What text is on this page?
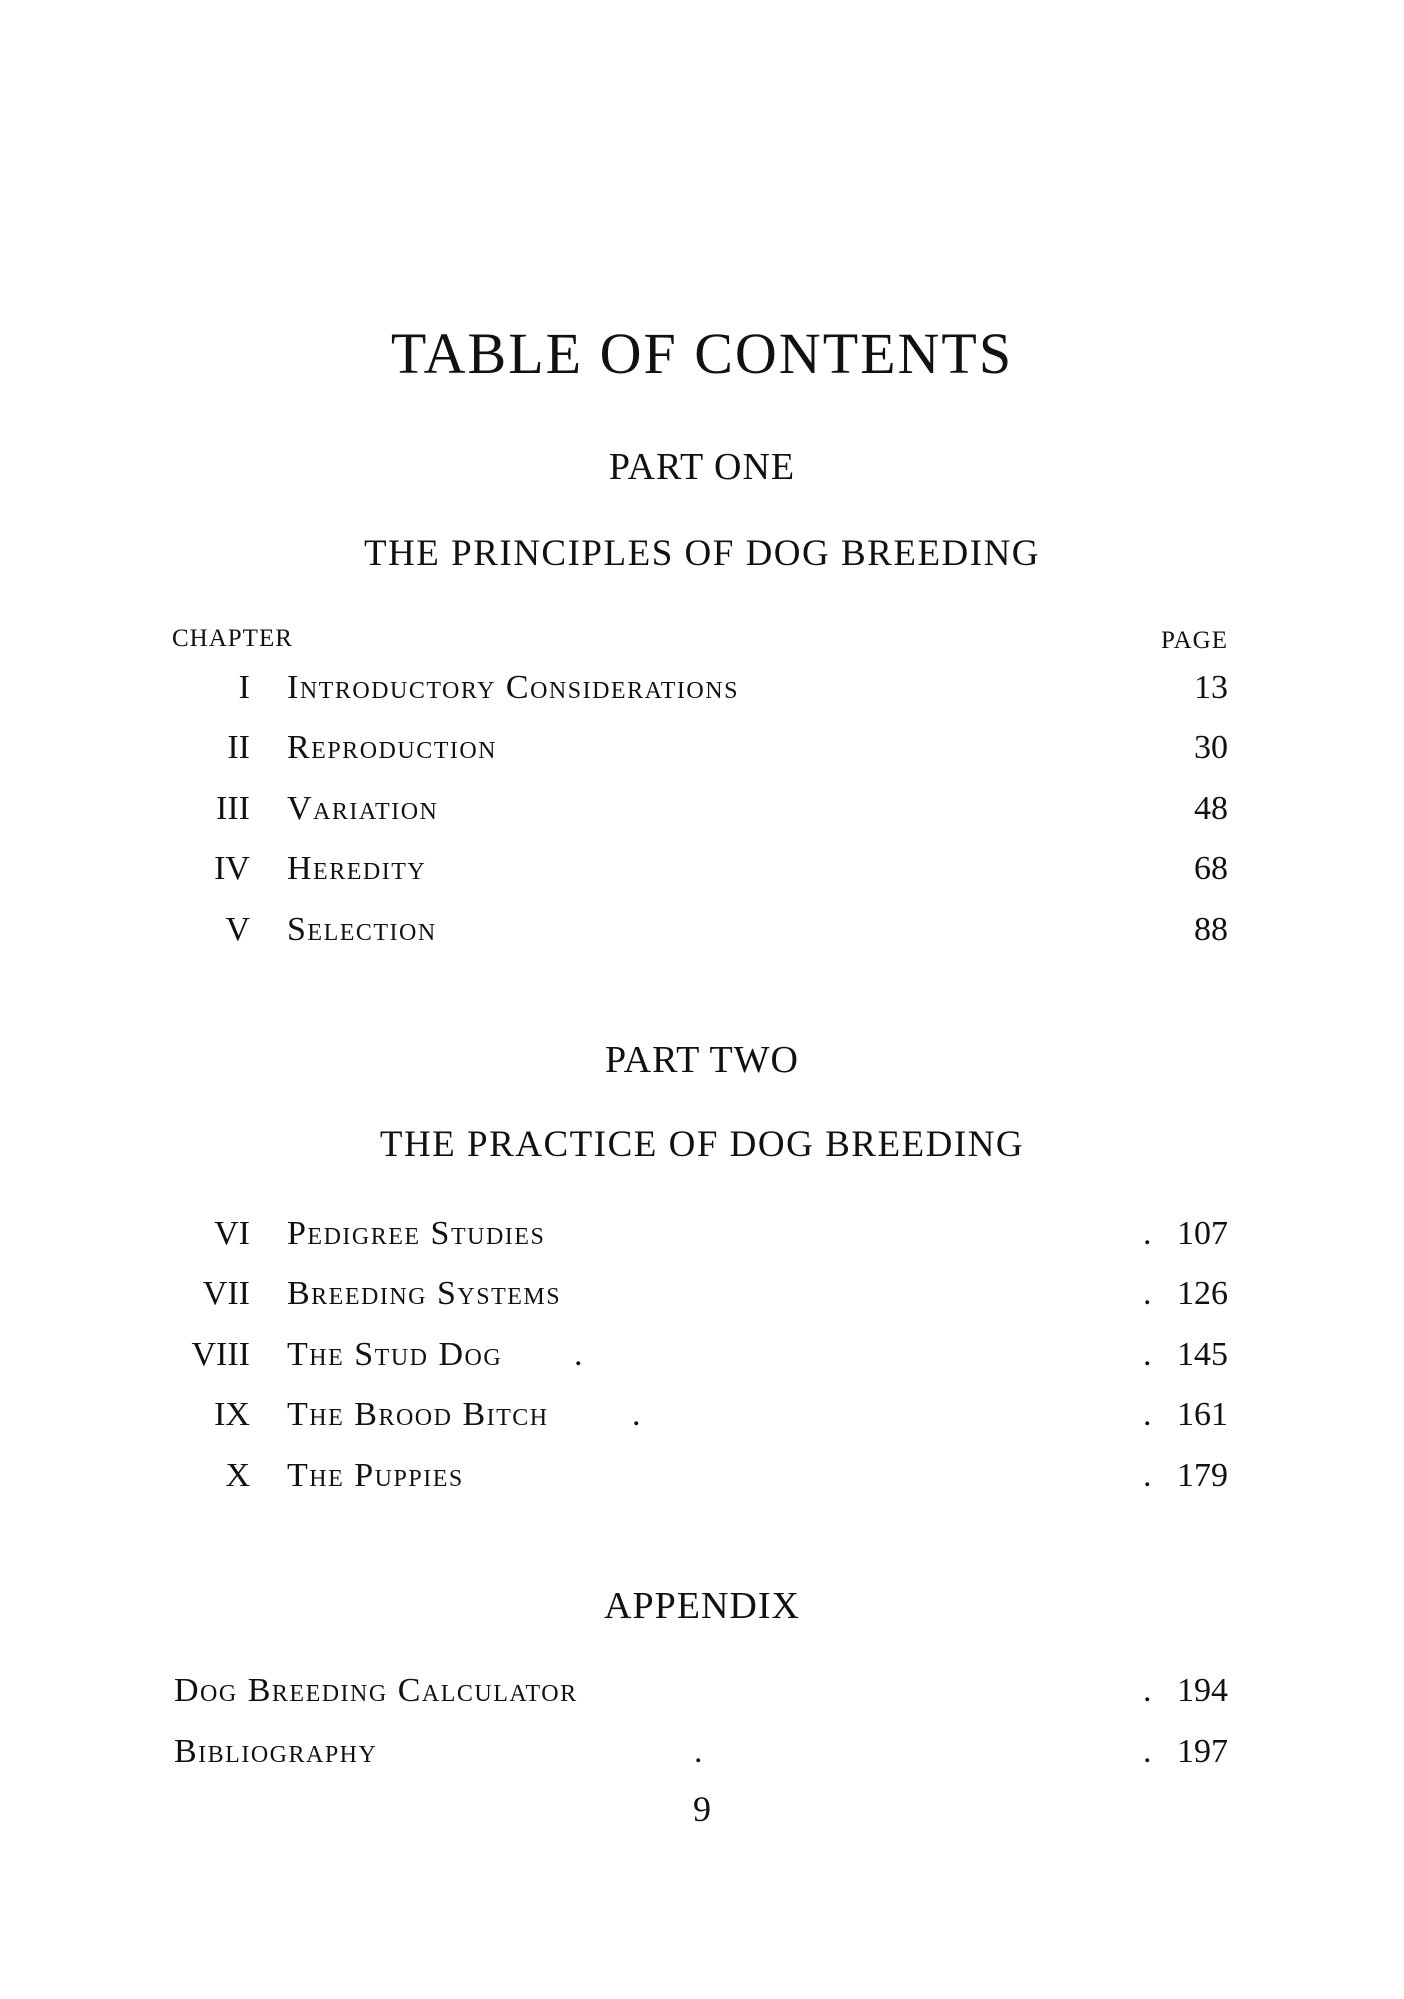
TABLE OF CONTENTS
PART ONE
THE PRINCIPLES OF DOG BREEDING
CHAPTER	PAGE
I Introductory Considerations	13
II Reproduction	30
III Variation	48
IV Heredity	68
V Selection	88
PART TWO
THE PRACTICE OF DOG BREEDING
VI Pedigree Studies	. 107
VII Breeding Systems	. 126
VIII The Stud Dog .	. 145
IX The Brood Bitch .	. 161
X The Puppies	. 179
APPENDIX
Dog Breeding Calculator	. 194
Bibliography	.	. 197
9
